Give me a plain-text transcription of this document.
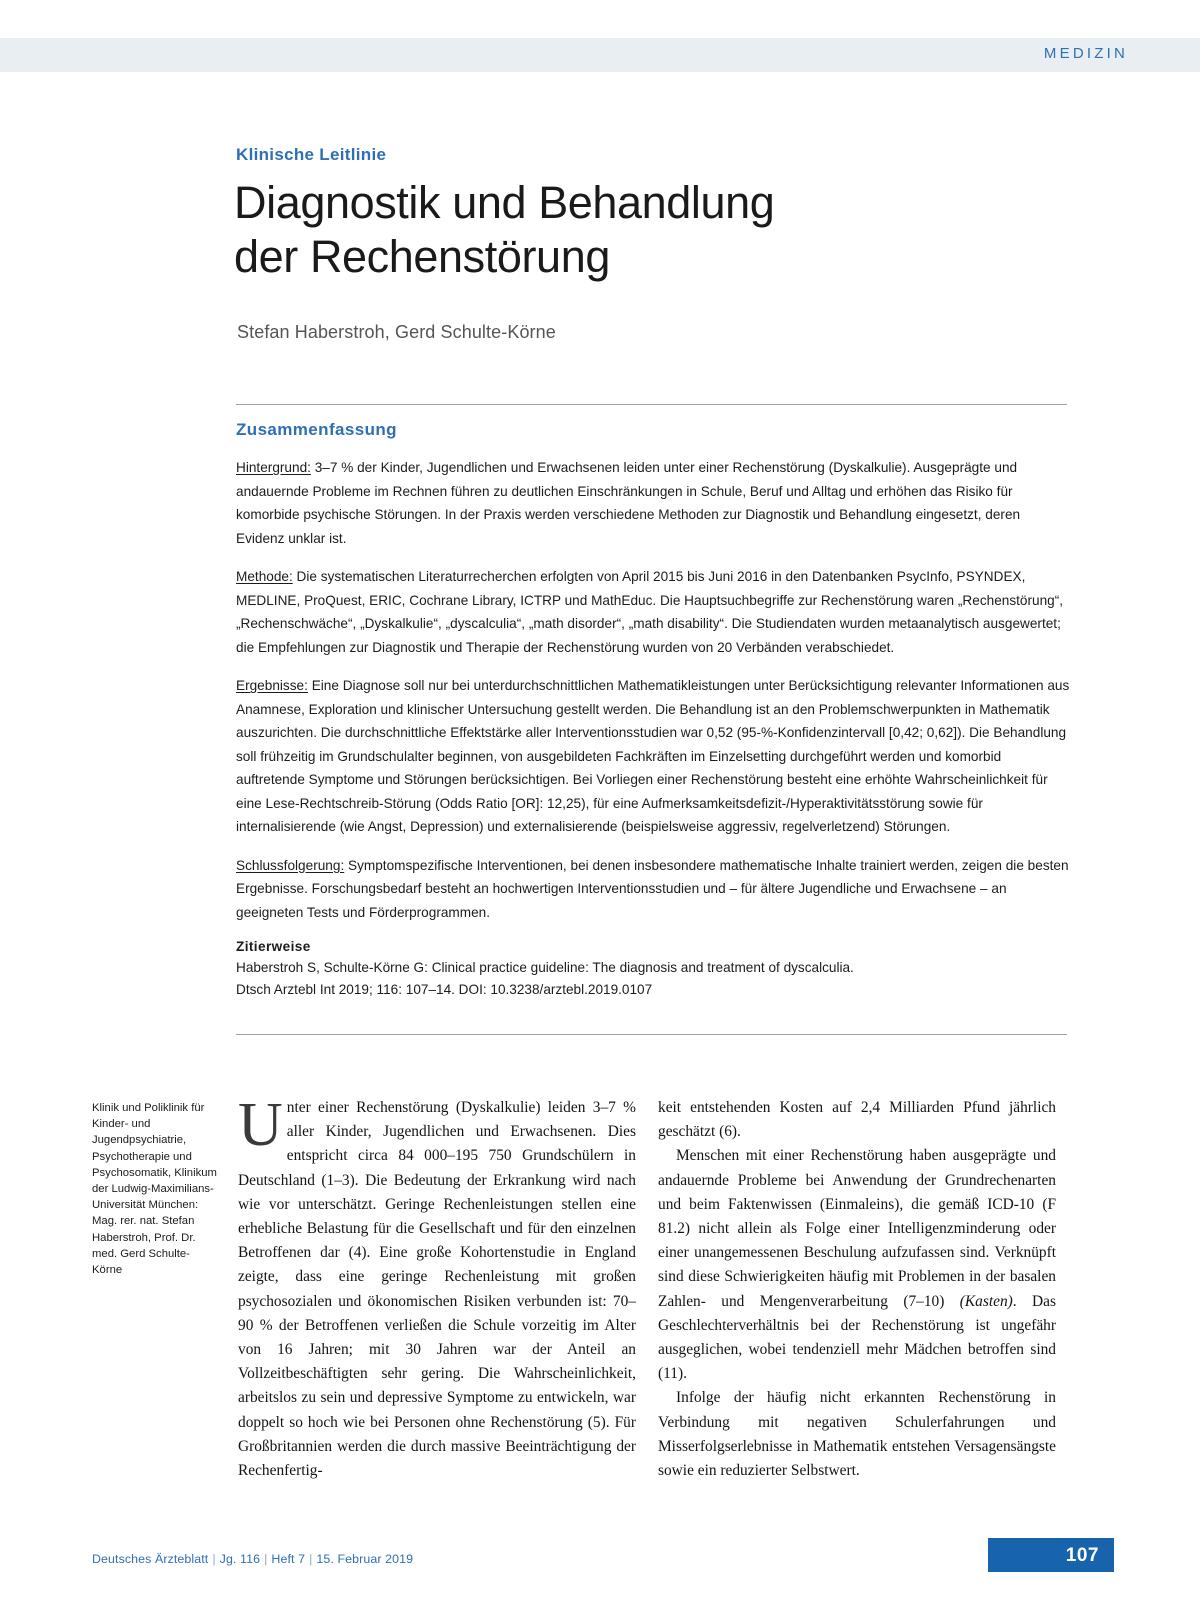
MEDIZIN
Klinische Leitlinie
Diagnostik und Behandlung
der Rechenstörung
Stefan Haberstroh, Gerd Schulte-Körne
Zusammenfassung

Hintergrund: 3–7 % der Kinder, Jugendlichen und Erwachsenen leiden unter einer Rechenstörung (Dyskalkulie). Ausgeprägte und andauernde Probleme im Rechnen führen zu deutlichen Einschränkungen in Schule, Beruf und Alltag und erhöhen das Risiko für komorbide psychische Störungen. In der Praxis werden verschiedene Methoden zur Diagnostik und Behandlung eingesetzt, deren Evidenz unklar ist.

Methode: Die systematischen Literaturrecherchen erfolgten von April 2015 bis Juni 2016 in den Datenbanken PsycInfo, PSYNDEX, MEDLINE, ProQuest, ERIC, Cochrane Library, ICTRP und MathEduc. Die Hauptsuchbegriffe zur Rechenstörung waren „Rechenstörung“, „Rechenschwäche“, „Dyskalkulie“, „dyscalculia“, „math disorder“, „math disability“. Die Studiendaten wurden metaanalytisch ausgewertet; die Empfehlungen zur Diagnostik und Therapie der Rechenstörung wurden von 20 Verbänden verabschiedet.

Ergebnisse: Eine Diagnose soll nur bei unterdurchschnittlichen Mathematikleistungen unter Berücksichtigung relevanter Informationen aus Anamnese, Exploration und klinischer Untersuchung gestellt werden. Die Behandlung ist an den Problemschwerpunkten in Mathematik auszurichten. Die durchschnittliche Effektstärke aller Interventionsstudien war 0,52 (95-%-Konfidenzintervall [0,42; 0,62]). Die Behandlung soll frühzeitig im Grundschulalter beginnen, von ausgebildeten Fachkräften im Einzelsetting durchgeführt werden und komorbid auftretende Symptome und Störungen berücksichtigen. Bei Vorliegen einer Rechenstörung besteht eine erhöhte Wahrscheinlichkeit für eine Lese-Rechtschreib-Störung (Odds Ratio [OR]: 12,25), für eine Aufmerksamkeitsdefizit-/Hyperaktivitätsstörung sowie für internalisierende (wie Angst, Depression) und externalisierende (beispielsweise aggressiv, regelverletzend) Störungen.

Schlussfolgerung: Symptomspezifische Interventionen, bei denen insbesondere mathematische Inhalte trainiert werden, zeigen die besten Ergebnisse. Forschungsbedarf besteht an hochwertigen Interventionsstudien und – für ältere Jugendliche und Erwachsene – an geeigneten Tests und Förderprogrammen.

Zitierweise
Haberstroh S, Schulte-Körne G: Clinical practice guideline: The diagnosis and treatment of dyscalculia.
Dtsch Arztebl Int 2019; 116: 107–14. DOI: 10.3238/arztebl.2019.0107
Klinik und Poliklinik für Kinder- und Jugendpsychiatrie, Psychotherapie und Psychosomatik, Klinikum der Ludwig-Maximilians-Universität München: Mag. rer. nat. Stefan Haberstroh, Prof. Dr. med. Gerd Schulte-Körne

Unter einer Rechenstörung (Dyskalkulie) leiden 3–7 % aller Kinder, Jugendlichen und Erwachsenen. Dies entspricht circa 84 000–195 750 Grundschülern in Deutschland (1–3). Die Bedeutung der Erkrankung wird nach wie vor unterschätzt. Geringe Rechenleistungen stellen eine erhebliche Belastung für die Gesellschaft und für den einzelnen Betroffenen dar (4). Eine große Kohortenstudie in England zeigte, dass eine geringe Rechenleistung mit großen psychosozialen und ökonomischen Risiken verbunden ist: 70–90 % der Betroffenen verließen die Schule vorzeitig im Alter von 16 Jahren; mit 30 Jahren war der Anteil an Vollzeitbeschäftigten sehr gering. Die Wahrscheinlichkeit, arbeitslos zu sein und depressive Symptome zu entwickeln, war doppelt so hoch wie bei Personen ohne Rechenstörung (5). Für Großbritannien werden die durch massive Beeinträchtigung der Rechenfertig-

keit entstehenden Kosten auf 2,4 Milliarden Pfund jährlich geschätzt (6).

Menschen mit einer Rechenstörung haben ausgeprägte und andauernde Probleme bei Anwendung der Grundrechenarten und beim Faktenwissen (Einmaleins), die gemäß ICD-10 (F 81.2) nicht allein als Folge einer Intelligenzminderung oder einer unangemessenen Beschulung aufzufassen sind. Verknüpft sind diese Schwierigkeiten häufig mit Problemen in der basalen Zahlen- und Mengenverarbeitung (7–10) (Kasten). Das Geschlechterverhältnis bei der Rechenstörung ist ungefähr ausgeglichen, wobei tendenziell mehr Mädchen betroffen sind (11).

Infolge der häufig nicht erkannten Rechenstörung in Verbindung mit negativen Schulerfahrungen und Misserfolgserlebnisse in Mathematik entstehen Versagensängste sowie ein reduzierter Selbstwert.

Deutsches Ärzteblatt | Jg. 116 | Heft 7 | 15. Februar 2019	107
